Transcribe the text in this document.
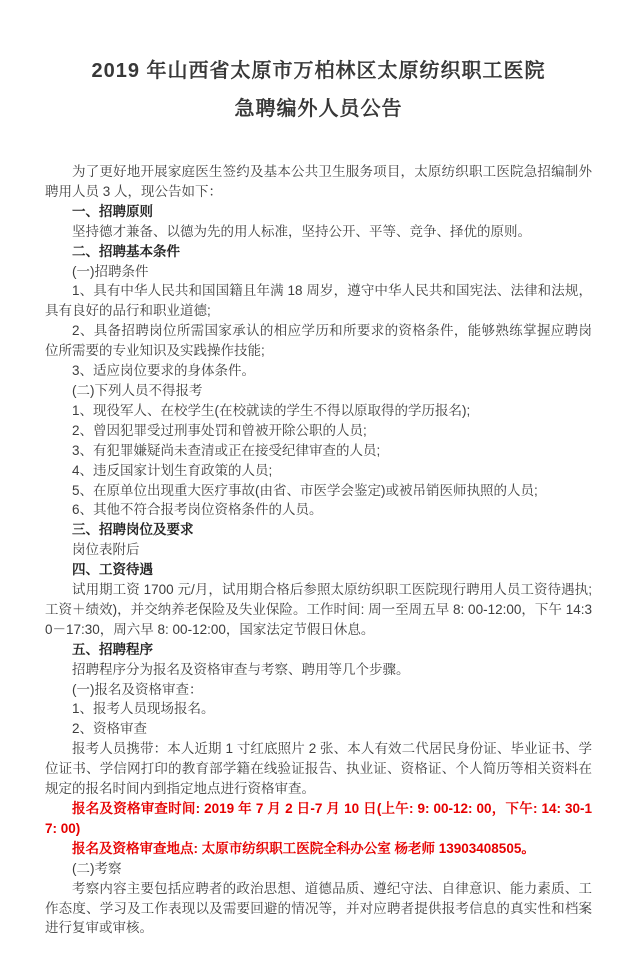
2019 年山西省太原市万柏林区太原纺织职工医院
急聘编外人员公告

为了更好地开展家庭医生签约及基本公共卫生服务项目，太原纺织职工医院急招编制外聘用人员 3 人，现公告如下：

一、招聘原则

坚持德才兼备、以德为先的用人标准，坚持公开、平等、竞争、择优的原则。

二、招聘基本条件

(一)招聘条件

1、具有中华人民共和国国籍且年满 18 周岁，遵守中华人民共和国宪法、法律和法规，具有良好的品行和职业道德;

2、具备招聘岗位所需国家承认的相应学历和所要求的资格条件，能够熟练掌握应聘岗位所需要的专业知识及实践操作技能;

3、适应岗位要求的身体条件。

(二)下列人员不得报考

1、现役军人、在校学生(在校就读的学生不得以原取得的学历报名);

2、曾因犯罪受过刑事处罚和曾被开除公职的人员;

3、有犯罪嫌疑尚未查清或正在接受纪律审查的人员;

4、违反国家计划生育政策的人员;

5、在原单位出现重大医疗事故(由省、市医学会鉴定)或被吊销医师执照的人员;

6、其他不符合报考岗位资格条件的人员。

三、招聘岗位及要求

岗位表附后

四、工资待遇

试用期工资 1700 元/月，试用期合格后参照太原纺织职工医院现行聘用人员工资待遇执;工资＋绩效)，并交纳养老保险及失业保险。工作时间: 周一至周五早 8: 00-12:00，下午 14:30－17:30，周六早 8: 00-12:00，国家法定节假日休息。

五、招聘程序

招聘程序分为报名及资格审查与考察、聘用等几个步骤。

(一)报名及资格审查：

1、报考人员现场报名。

2、资格审查

报考人员携带：本人近期 1 寸红底照片 2 张、本人有效二代居民身份证、毕业证书、学位证书、学信网打印的教育部学籍在线验证报告、执业证、资格证、个人简历等相关资料在规定的报名时间内到指定地点进行资格审查。

报名及资格审查时间: 2019 年 7 月 2 日-7 月 10 日(上午: 9: 00-12: 00，下午: 14: 30-17: 00)

报名及资格审查地点: 太原市纺织职工医院全科办公室 杨老师 13903408505。

(二)考察

考察内容主要包括应聘者的政治思想、道德品质、遵纪守法、自律意识、能力素质、工作态度、学习及工作表现以及需要回避的情况等，并对应聘者提供报考信息的真实性和档案进行复审或审核。
